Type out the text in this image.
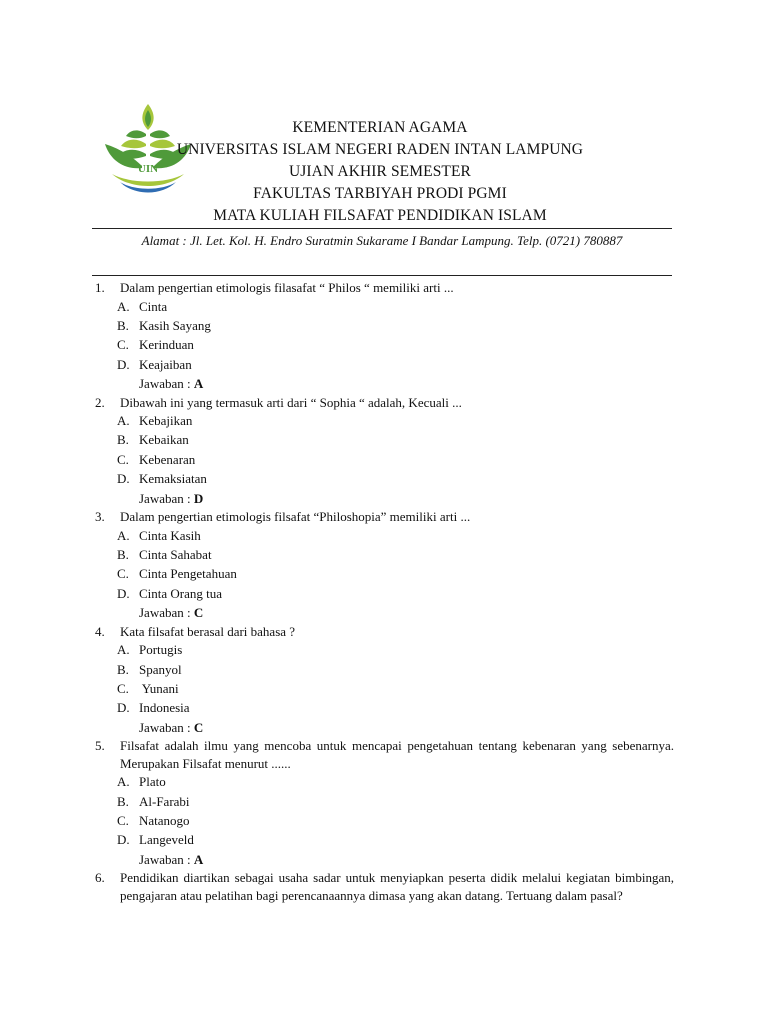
UIN
KEMENTERIAN AGAMA
UNIVERSITAS ISLAM NEGERI RADEN INTAN LAMPUNG
UJIAN AKHIR SEMESTER
FAKULTAS TARBIYAH PRODI PGMI
MATA KULIAH FILSAFAT PENDIDIKAN ISLAM
Alamat : Jl. Let. Kol. H. Endro Suratmin Sukarame I Bandar Lampung. Telp. (0721) 780887
1. Dalam pengertian etimologis filasafat “ Philos “ memiliki arti ...
A. Cinta
B. Kasih Sayang
C. Kerinduan
D. Keajaiban
Jawaban : A
2. Dibawah ini yang termasuk arti dari “ Sophia “ adalah, Kecuali ...
A. Kebajikan
B. Kebaikan
C. Kebenaran
D. Kemaksiatan
Jawaban : D
3. Dalam pengertian etimologis filsafat “Philoshopia” memiliki arti ...
A. Cinta Kasih
B. Cinta Sahabat
C. Cinta Pengetahuan
D. Cinta Orang tua
Jawaban : C
4. Kata filsafat berasal dari bahasa ?
A. Portugis
B. Spanyol
C. Yunani
D. Indonesia
Jawaban : C
5. Filsafat adalah ilmu yang mencoba untuk mencapai pengetahuan tentang kebenaran yang sebenarnya. Merupakan Filsafat menurut ......
A. Plato
B. Al-Farabi
C. Natanogo
D. Langeveld
Jawaban : A
6. Pendidikan diartikan sebagai usaha sadar untuk menyiapkan peserta didik melalui kegiatan bimbingan, pengajaran atau pelatihan bagi perencanaannya dimasa yang akan datang. Tertuang dalam pasal?
